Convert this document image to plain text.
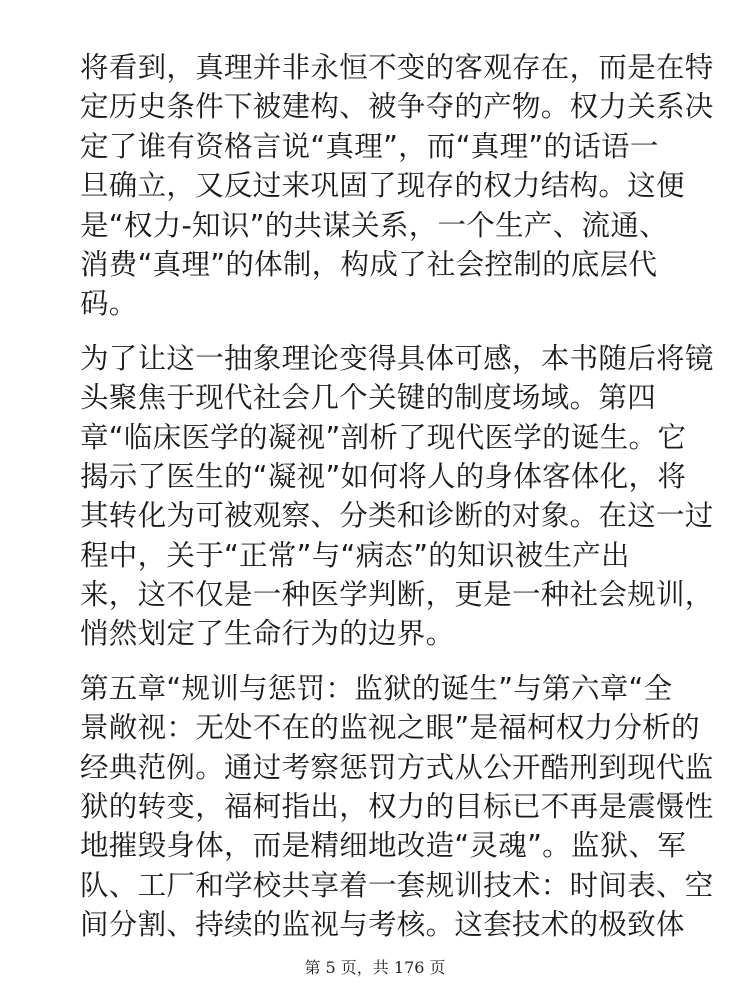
将看到，真理并非永恒不变的客观存在，而是在特
定历史条件下被建构、被争夺的产物。权力关系决
定了谁有资格言说“真理”，而“真理”的话语一
旦确立，又反过来巩固了现存的权力结构。这便
是“权力-知识”的共谋关系，一个生产、流通、
消费“真理”的体制，构成了社会控制的底层代
码。
为了让这一抽象理论变得具体可感，本书随后将镜
头聚焦于现代社会几个关键的制度场域。第四
章“临床医学的凝视”剖析了现代医学的诞生。它
揭示了医生的“凝视”如何将人的身体客体化，将
其转化为可被观察、分类和诊断的对象。在这一过
程中，关于“正常”与“病态”的知识被生产出
来，这不仅是一种医学判断，更是一种社会规训，
悄然划定了生命行为的边界。
第五章“规训与惩罚：监狱的诞生”与第六章“全
景敞视：无处不在的监视之眼”是福柯权力分析的
经典范例。通过考察惩罚方式从公开酷刑到现代监
狱的转变，福柯指出，权力的目标已不再是震慑性
地摧毁身体，而是精细地改造“灵魂”。监狱、军
队、工厂和学校共享着一套规训技术：时间表、空
间分割、持续的监视与考核。这套技术的极致体
第 5 页，共 176 页
